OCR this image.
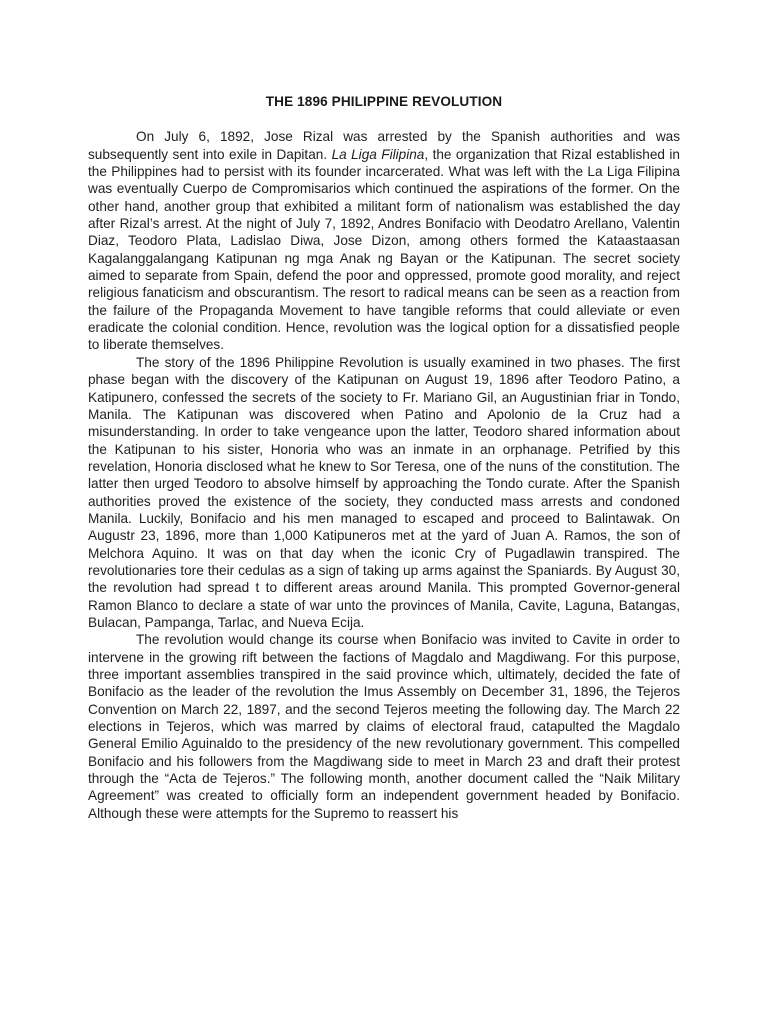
THE 1896 PHILIPPINE REVOLUTION

On July 6, 1892, Jose Rizal was arrested by the Spanish authorities and was subsequently sent into exile in Dapitan. La Liga Filipina, the organization that Rizal established in the Philippines had to persist with its founder incarcerated. What was left with the La Liga Filipina was eventually Cuerpo de Compromisarios which continued the aspirations of the former. On the other hand, another group that exhibited a militant form of nationalism was established the day after Rizal’s arrest. At the night of July 7, 1892, Andres Bonifacio with Deodatro Arellano, Valentin Diaz, Teodoro Plata, Ladislao Diwa, Jose Dizon, among others formed the Kataastaasan Kagalanggalangang Katipunan ng mga Anak ng Bayan or the Katipunan. The secret society aimed to separate from Spain, defend the poor and oppressed, promote good morality, and reject religious fanaticism and obscurantism. The resort to radical means can be seen as a reaction from the failure of the Propaganda Movement to have tangible reforms that could alleviate or even eradicate the colonial condition. Hence, revolution was the logical option for a dissatisfied people to liberate themselves.

The story of the 1896 Philippine Revolution is usually examined in two phases. The first phase began with the discovery of the Katipunan on August 19, 1896 after Teodoro Patino, a Katipunero, confessed the secrets of the society to Fr. Mariano Gil, an Augustinian friar in Tondo, Manila. The Katipunan was discovered when Patino and Apolonio de la Cruz had a misunderstanding. In order to take vengeance upon the latter, Teodoro shared information about the Katipunan to his sister, Honoria who was an inmate in an orphanage. Petrified by this revelation, Honoria disclosed what he knew to Sor Teresa, one of the nuns of the constitution. The latter then urged Teodoro to absolve himself by approaching the Tondo curate. After the Spanish authorities proved the existence of the society, they conducted mass arrests and condoned Manila. Luckily, Bonifacio and his men managed to escaped and proceed to Balintawak. On Augustr 23, 1896, more than 1,000 Katipuneros met at the yard of Juan A. Ramos, the son of Melchora Aquino. It was on that day when the iconic Cry of Pugadlawin transpired. The revolutionaries tore their cedulas as a sign of taking up arms against the Spaniards. By August 30, the revolution had spread t to different areas around Manila. This prompted Governor-general Ramon Blanco to declare a state of war unto the provinces of Manila, Cavite, Laguna, Batangas, Bulacan, Pampanga, Tarlac, and Nueva Ecija.

The revolution would change its course when Bonifacio was invited to Cavite in order to intervene in the growing rift between the factions of Magdalo and Magdiwang. For this purpose, three important assemblies transpired in the said province which, ultimately, decided the fate of Bonifacio as the leader of the revolution the Imus Assembly on December 31, 1896, the Tejeros Convention on March 22, 1897, and the second Tejeros meeting the following day. The March 22 elections in Tejeros, which was marred by claims of electoral fraud, catapulted the Magdalo General Emilio Aguinaldo to the presidency of the new revolutionary government. This compelled Bonifacio and his followers from the Magdiwang side to meet in March 23 and draft their protest through the “Acta de Tejeros.” The following month, another document called the “Naik Military Agreement” was created to officially form an independent government headed by Bonifacio. Although these were attempts for the Supremo to reassert his
